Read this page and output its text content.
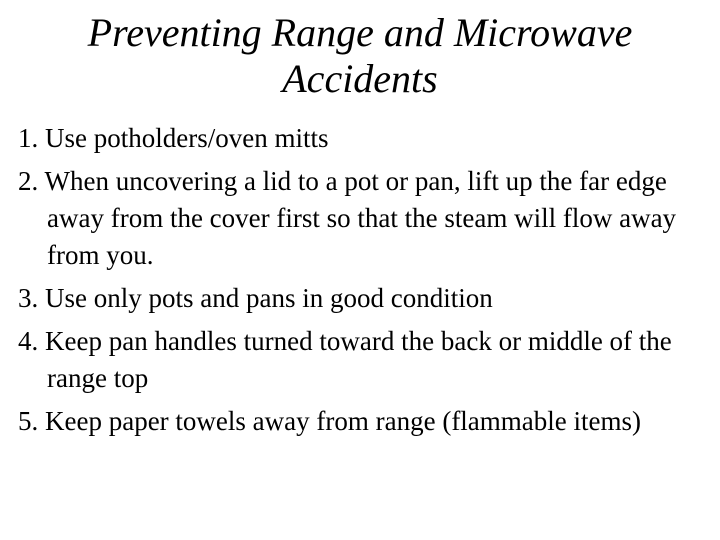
Preventing Range and Microwave
Accidents
1. Use potholders/oven mitts
2. When uncovering a lid to a pot or pan, lift up the far edge away from the cover first so that the steam will flow away from you.
3. Use only pots and pans in good condition
4. Keep pan handles turned toward the back or middle of the range top
5. Keep paper towels away from range (flammable items)
